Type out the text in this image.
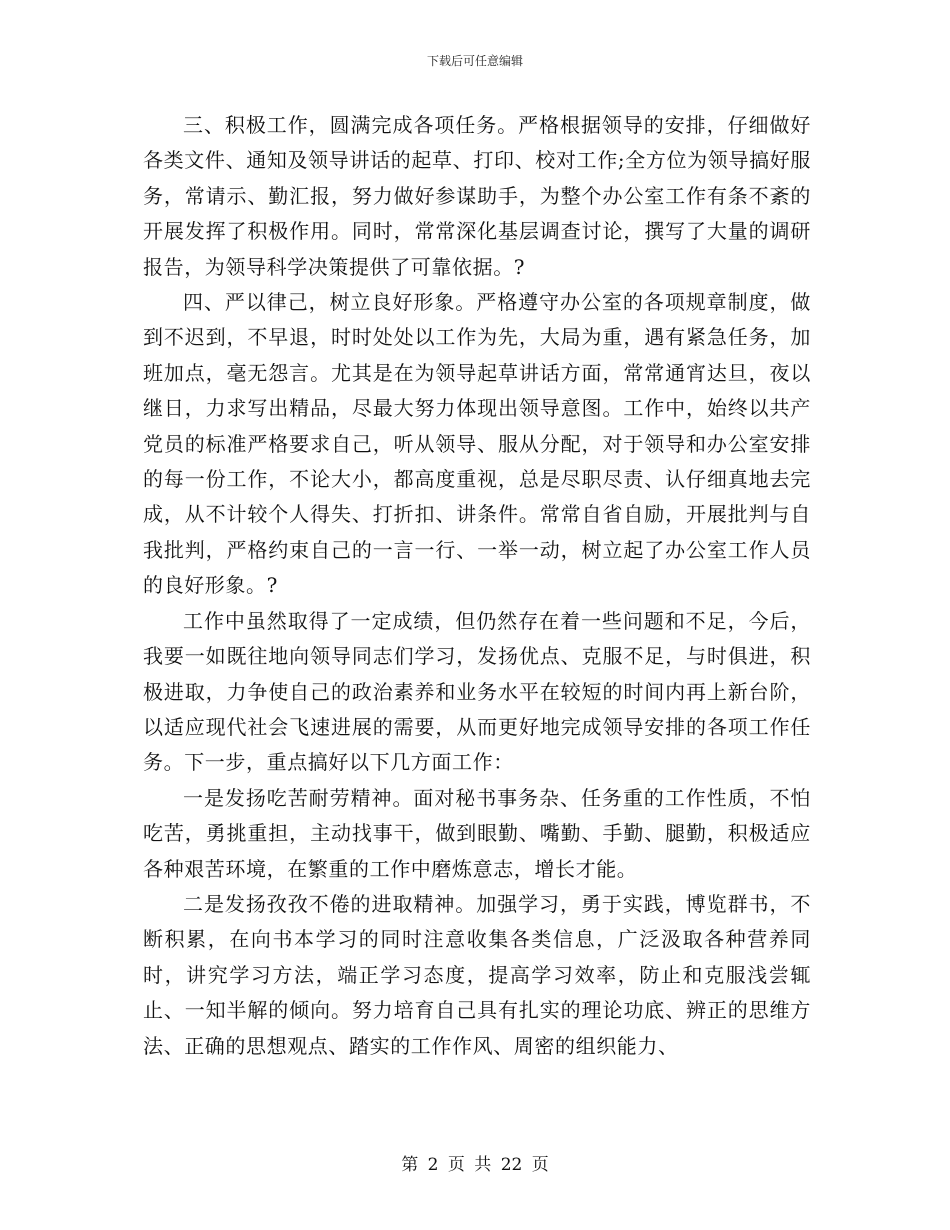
下载后可任意编辑

三、积极工作，圆满完成各项任务。严格根据领导的安排，仔细做好各类文件、通知及领导讲话的起草、打印、校对工作;全方位为领导搞好服务，常请示、勤汇报，努力做好参谋助手，为整个办公室工作有条不紊的开展发挥了积极作用。同时，常常深化基层调查讨论，撰写了大量的调研报告，为领导科学决策提供了可靠依据。?

四、严以律己，树立良好形象。严格遵守办公室的各项规章制度，做到不迟到，不早退，时时处处以工作为先，大局为重，遇有紧急任务，加班加点，毫无怨言。尤其是在为领导起草讲话方面，常常通宵达旦，夜以继日，力求写出精品，尽最大努力体现出领导意图。工作中，始终以共产党员的标准严格要求自己，听从领导、服从分配，对于领导和办公室安排的每一份工作，不论大小，都高度重视，总是尽职尽责、认仔细真地去完成，从不计较个人得失、打折扣、讲条件。常常自省自励，开展批判与自我批判，严格约束自己的一言一行、一举一动，树立起了办公室工作人员的良好形象。?

工作中虽然取得了一定成绩，但仍然存在着一些问题和不足，今后，我要一如既往地向领导同志们学习，发扬优点、克服不足，与时俱进，积极进取，力争使自己的政治素养和业务水平在较短的时间内再上新台阶，以适应现代社会飞速进展的需要，从而更好地完成领导安排的各项工作任务。下一步，重点搞好以下几方面工作：

一是发扬吃苦耐劳精神。面对秘书事务杂、任务重的工作性质，不怕吃苦，勇挑重担，主动找事干，做到眼勤、嘴勤、手勤、腿勤，积极适应各种艰苦环境，在繁重的工作中磨炼意志，增长才能。

二是发扬孜孜不倦的进取精神。加强学习，勇于实践，博览群书，不断积累，在向书本学习的同时注意收集各类信息，广泛汲取各种营养同时，讲究学习方法，端正学习态度，提高学习效率，防止和克服浅尝辄止、一知半解的倾向。努力培育自己具有扎实的理论功底、辨正的思维方法、正确的思想观点、踏实的工作作风、周密的组织能力、

第 2 页 共 22 页
